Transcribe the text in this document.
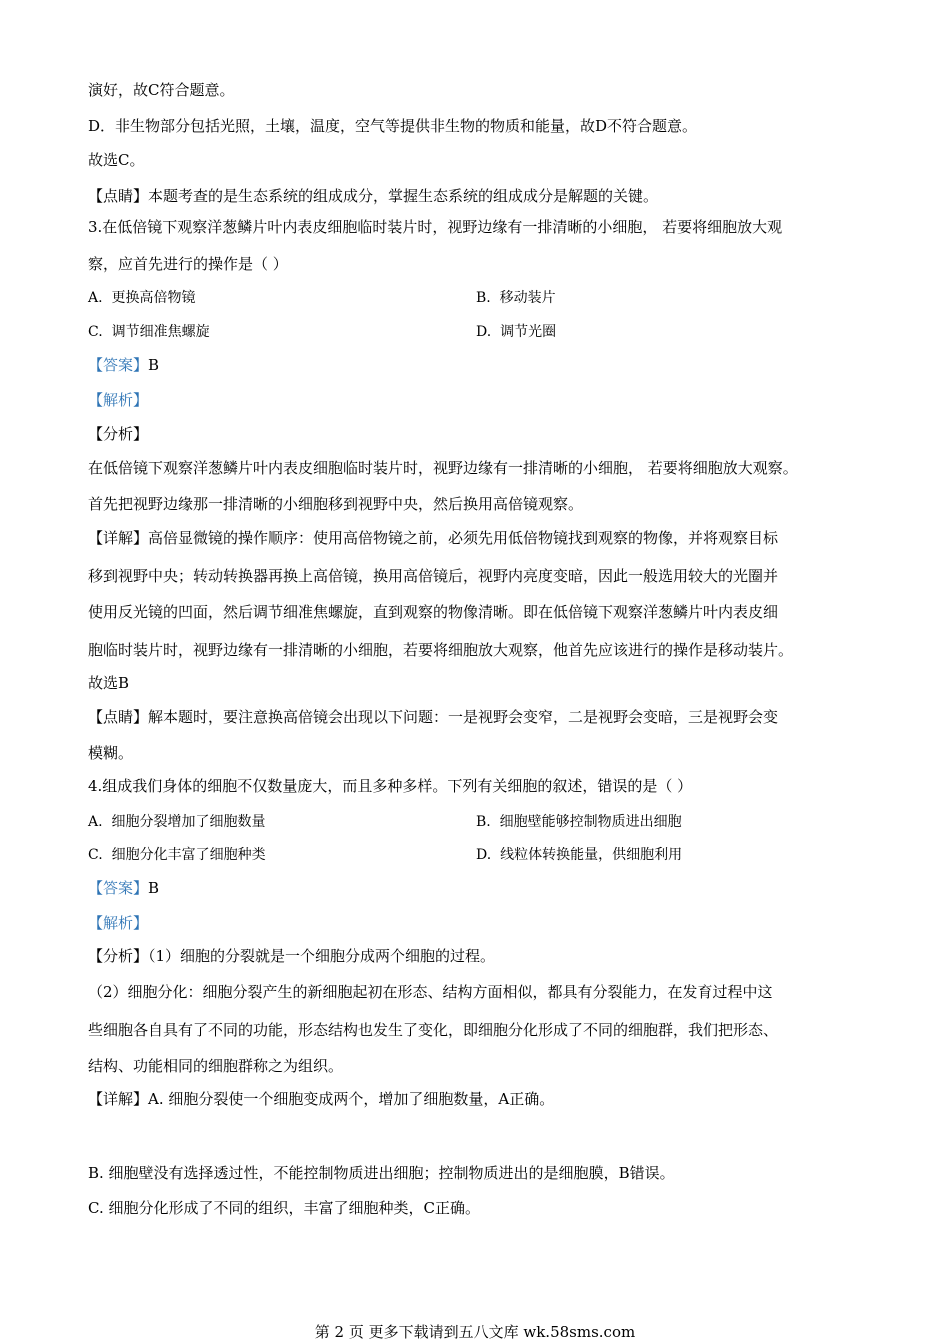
演好，故C符合题意。
D．非生物部分包括光照，土壤，温度，空气等提供非生物的物质和能量，故D不符合题意。
故选C。
【点睛】本题考查的是生态系统的组成成分，掌握生态系统的组成成分是解题的关键。
3.在低倍镜下观察洋葱鳞片叶内表皮细胞临时装片时，视野边缘有一排清晰的小细胞， 若要将细胞放大观
察，应首先进行的操作是（ ）
A. 更换高倍物镜	B. 移动装片
C. 调节细准焦螺旋	D. 调节光圈
【答案】B
【解析】
【分析】
在低倍镜下观察洋葱鳞片叶内表皮细胞临时装片时，视野边缘有一排清晰的小细胞， 若要将细胞放大观察。
首先把视野边缘那一排清晰的小细胞移到视野中央，然后换用高倍镜观察。
【详解】高倍显微镜的操作顺序：使用高倍物镜之前，必须先用低倍物镜找到观察的物像，并将观察目标
移到视野中央；转动转换器再换上高倍镜，换用高倍镜后，视野内亮度变暗，因此一般选用较大的光圈并
使用反光镜的凹面，然后调节细准焦螺旋，直到观察的物像清晰。即在低倍镜下观察洋葱鳞片叶内表皮细
胞临时装片时，视野边缘有一排清晰的小细胞，若要将细胞放大观察，他首先应该进行的操作是移动装片。
故选B
【点睛】解本题时，要注意换高倍镜会出现以下问题：一是视野会变窄，二是视野会变暗，三是视野会变
模糊。
4.组成我们身体的细胞不仅数量庞大，而且多种多样。下列有关细胞的叙述，错误的是（ ）
A. 细胞分裂增加了细胞数量	B. 细胞壁能够控制物质进出细胞
C. 细胞分化丰富了细胞种类	D. 线粒体转换能量，供细胞利用
【答案】B
【解析】
【分析】（1）细胞的分裂就是一个细胞分成两个细胞的过程。
（2）细胞分化：细胞分裂产生的新细胞起初在形态、结构方面相似，都具有分裂能力，在发育过程中这
些细胞各自具有了不同的功能，形态结构也发生了变化，即细胞分化形成了不同的细胞群，我们把形态、
结构、功能相同的细胞群称之为组织。
【详解】A. 细胞分裂使一个细胞变成两个，增加了细胞数量，A正确。
B. 细胞壁没有选择透过性，不能控制物质进出细胞；控制物质进出的是细胞膜，B错误。
C. 细胞分化形成了不同的组织，丰富了细胞种类，C正确。
第 2 页 更多下载请到五八文库 wk.58sms.com
